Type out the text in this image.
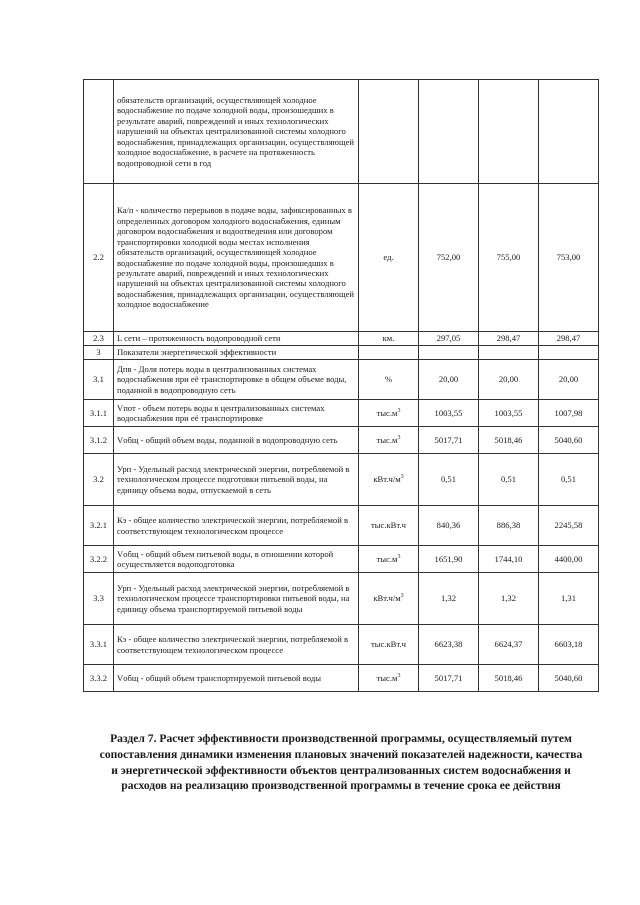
	обязательств организаций, осуществляющей холодное водоснабжение по подаче холодной воды, произошедших в результате аварий, повреждений и иных технологических нарушений на объектах централизованной системы холодного водоснабжения, принадлежащих организации, осуществляющей холодное водоснабжение, в расчете на протяженность водопроводной сети в год				
2.2	Ка/п - количество перерывов в подаче воды, зафиксированных в определенных договором холодного водоснабжения, единым договором водоснабжения и водоотведения или договором транспортировки холодной воды местах исполнения обязательств организаций, осуществляющей холодное водоснабжение по подаче холодной воды, произошедших в результате аварий, повреждений и иных технологических нарушений на объектах централизованной системы холодного водоснабжения, принадлежащих организации, осуществляющей холодное водоснабжение	ед.	752,00	755,00	753,00
2.3	L сети – протяженность водопроводной сети	км.	297,05	298,47	298,47
3	Показатели энергетической эффективности				
3.1	Дпв - Доля потерь воды в централизованных системах водоснабжения при её транспортировке в общем объеме воды, поданной в водопроводную сеть	%	20,00	20,00	20,00
3.1.1	Vпот - объем потерь воды в централизованных системах водоснабжения при её транспортировке	$тыс.м^3$	1003,55	1003,55	1007,98
3.1.2	Vобщ - общий объем воды, поданной в водопроводную сеть	$тыс.м^3$	5017,71	5018,46	5040,60
3.2	Урп - Удельный расход электрической энергии, потребляемой в технологическом процессе подготовки питьевой воды, на единицу объема воды, отпускаемой в сеть	$кВт.ч/м^3$	0,51	0,51	0,51
3.2.1	Кэ - общее количество электрической энергии, потребляемой в соответствующем технологическом процессе	тыс.кВт.ч	840,36	886,38	2245,58
3.2.2	Vобщ - общий объем питьевой воды, в отношении которой осуществляется водоподготовка	$тыс.м^3$	1651,90	1744,10	4400,00
3.3	Урп - Удельный расход электрической энергии, потребляемой в технологическом процессе транспортировки питьевой воды, на единицу объема транспортируемой питьевой воды	$кВт.ч/м^3$	1,32	1,32	1,31
3.3.1	Кэ - общее количество электрической энергии, потребляемой в соответствующем технологическом процессе	тыс.кВт.ч	6623,38	6624,37	6603,18
3.3.2	Vобщ - общий объем транспортируемой питьевой воды	$тыс.м^3$	5017,71	5018,46	5040,60
Раздел 7. Расчет эффективности производственной программы, осуществляемый путем сопоставления динамики изменения плановых значений показателей надежности, качества и энергетической эффективности объектов централизованных систем водоснабжения и расходов на реализацию производственной программы в течение срока ее действия
